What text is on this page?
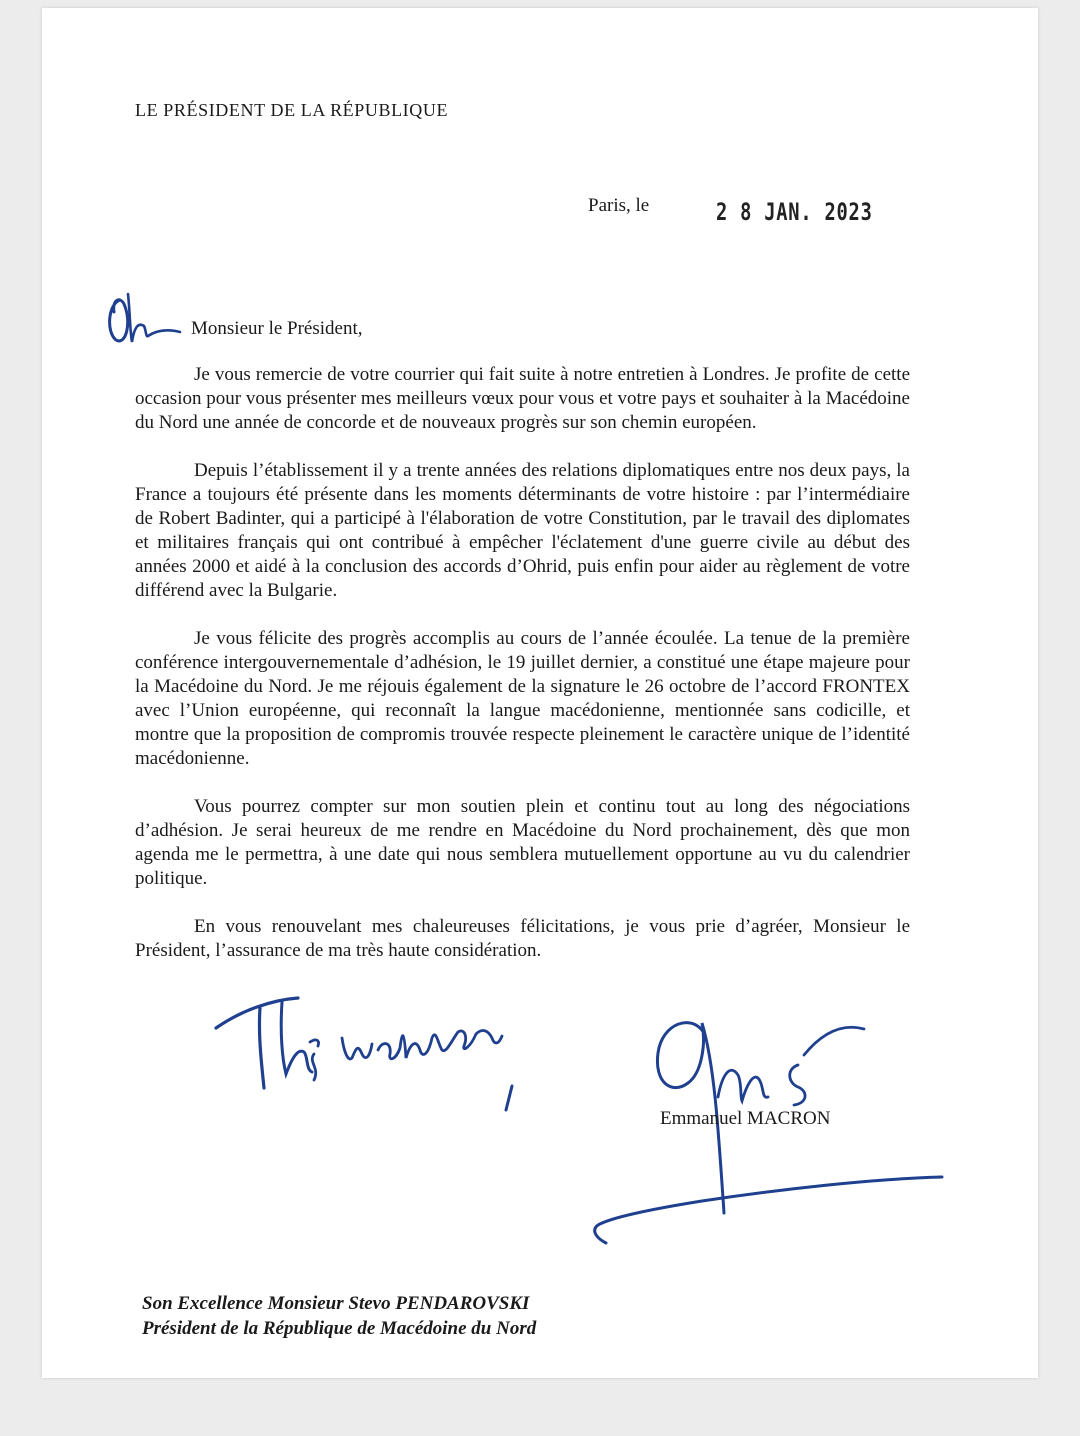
LE PRÉSIDENT DE LA RÉPUBLIQUE
Paris, le	2 8 JAN. 2023
Monsieur le Président,

Je vous remercie de votre courrier qui fait suite à notre entretien à Londres. Je profite de cette occasion pour vous présenter mes meilleurs vœux pour vous et votre pays et souhaiter à la Macédoine du Nord une année de concorde et de nouveaux progrès sur son chemin européen.

Depuis l’établissement il y a trente années des relations diplomatiques entre nos deux pays, la France a toujours été présente dans les moments déterminants de votre histoire : par l’intermédiaire de Robert Badinter, qui a participé à l'élaboration de votre Constitution, par le travail des diplomates et militaires français qui ont contribué à empêcher l'éclatement d'une guerre civile au début des années 2000 et aidé à la conclusion des accords d’Ohrid, puis enfin pour aider au règlement de votre différend avec la Bulgarie.

Je vous félicite des progrès accomplis au cours de l’année écoulée. La tenue de la première conférence intergouvernementale d’adhésion, le 19 juillet dernier, a constitué une étape majeure pour la Macédoine du Nord. Je me réjouis également de la signature le 26 octobre de l’accord FRONTEX avec l’Union européenne, qui reconnaît la langue macédonienne, mentionnée sans codicille, et montre que la proposition de compromis trouvée respecte pleinement le caractère unique de l’identité macédonienne.

Vous pourrez compter sur mon soutien plein et continu tout au long des négociations d’adhésion. Je serai heureux de me rendre en Macédoine du Nord prochainement, dès que mon agenda me le permettra, à une date qui nous semblera mutuellement opportune au vu du calendrier politique.

En vous renouvelant mes chaleureuses félicitations, je vous prie d’agréer, Monsieur le Président, l’assurance de ma très haute considération.

Emmanuel MACRON
Son Excellence Monsieur Stevo PENDAROVSKI
Président de la République de Macédoine du Nord
